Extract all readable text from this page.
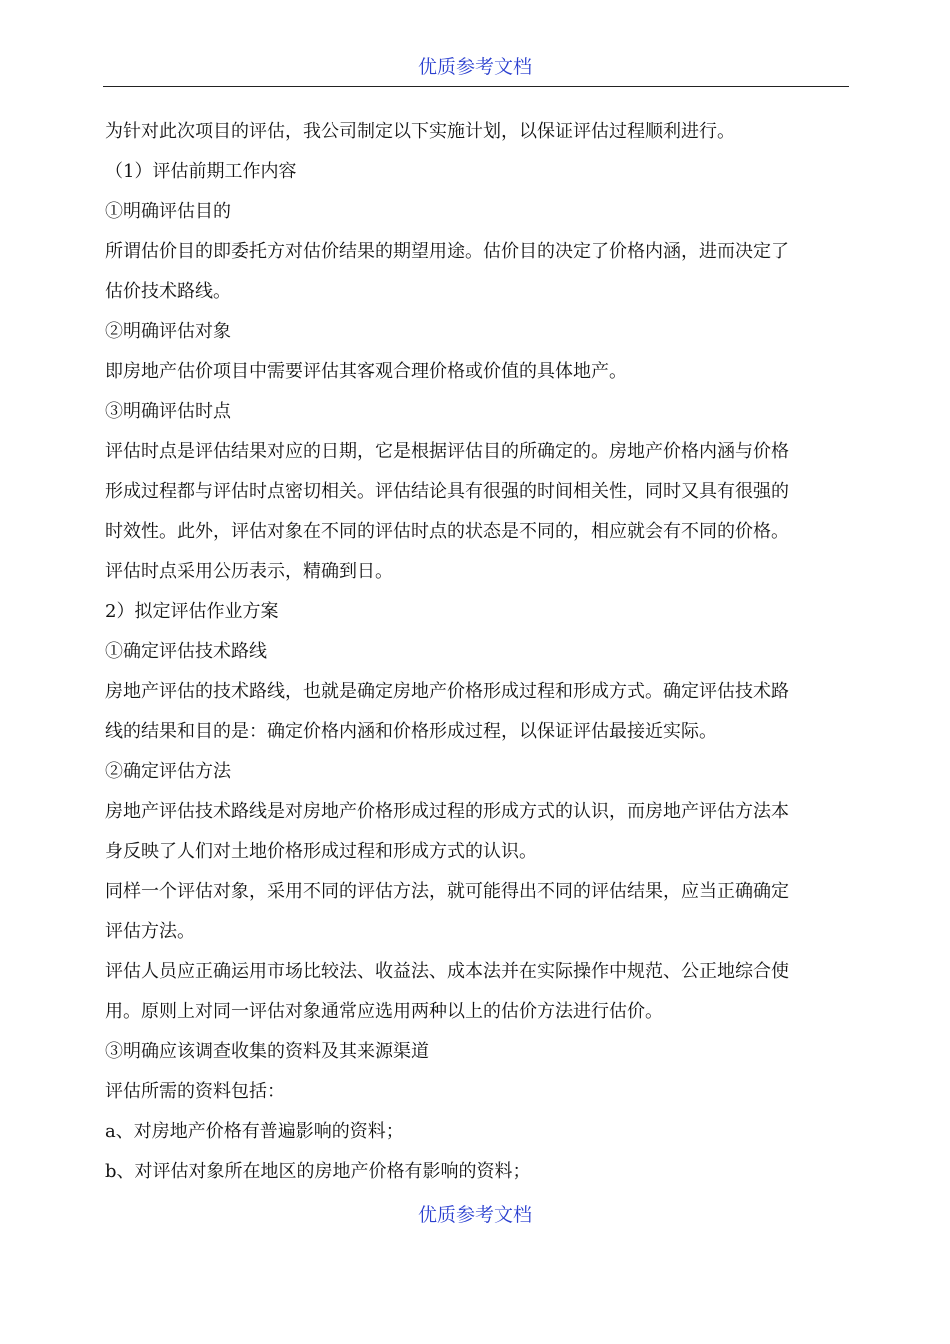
优质参考文档

为针对此次项目的评估，我公司制定以下实施计划，以保证评估过程顺利进行。

（1）评估前期工作内容

①明确评估目的

所谓估价目的即委托方对估价结果的期望用途。估价目的决定了价格内涵，进而决定了

估价技术路线。

②明确评估对象

即房地产估价项目中需要评估其客观合理价格或价值的具体地产。

③明确评估时点

评估时点是评估结果对应的日期，它是根据评估目的所确定的。房地产价格内涵与价格

形成过程都与评估时点密切相关。评估结论具有很强的时间相关性，同时又具有很强的

时效性。此外，评估对象在不同的评估时点的状态是不同的，相应就会有不同的价格。

评估时点采用公历表示，精确到日。

2）拟定评估作业方案

①确定评估技术路线

房地产评估的技术路线，也就是确定房地产价格形成过程和形成方式。确定评估技术路

线的结果和目的是：确定价格内涵和价格形成过程，以保证评估最接近实际。

②确定评估方法

房地产评估技术路线是对房地产价格形成过程的形成方式的认识，而房地产评估方法本

身反映了人们对土地价格形成过程和形成方式的认识。

同样一个评估对象，采用不同的评估方法，就可能得出不同的评估结果，应当正确确定

评估方法。

评估人员应正确运用市场比较法、收益法、成本法并在实际操作中规范、公正地综合使

用。原则上对同一评估对象通常应选用两种以上的估价方法进行估价。

③明确应该调查收集的资料及其来源渠道

评估所需的资料包括：

a、对房地产价格有普遍影响的资料；

b、对评估对象所在地区的房地产价格有影响的资料；

优质参考文档
